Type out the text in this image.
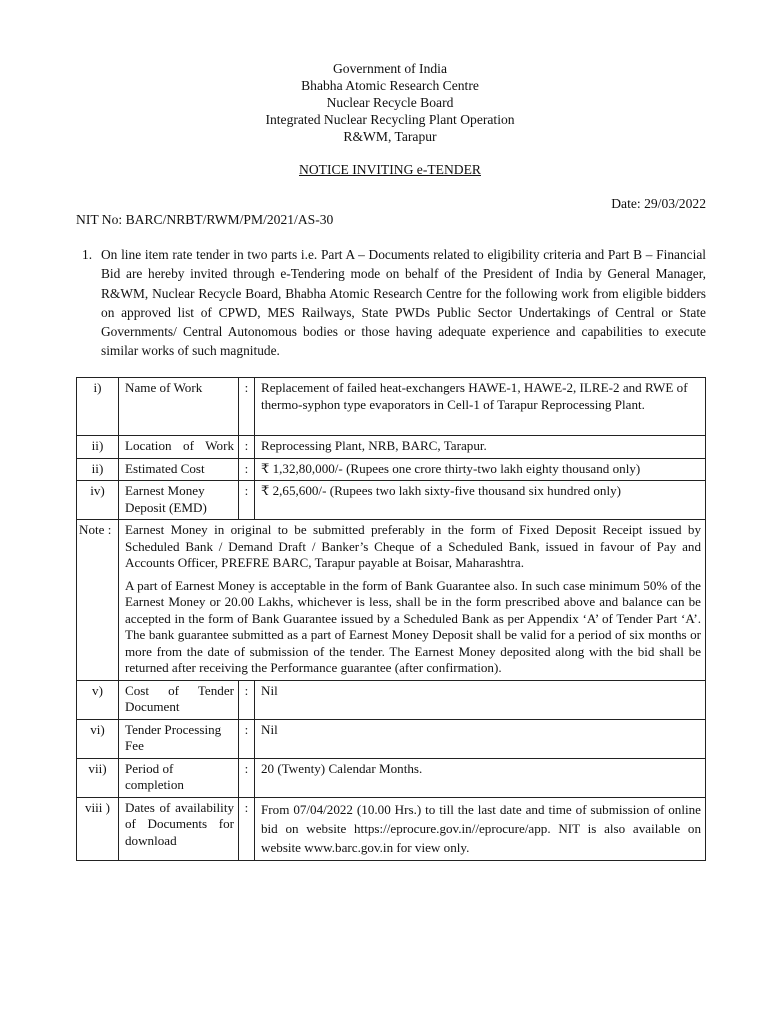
Government of India
Bhabha Atomic Research Centre
Nuclear Recycle Board
Integrated Nuclear Recycling Plant Operation
R&WM, Tarapur
NOTICE INVITING e-TENDER
Date: 29/03/2022
NIT No: BARC/NRBT/RWM/PM/2021/AS-30
1. On line item rate tender in two parts i.e. Part A – Documents related to eligibility criteria and Part B – Financial Bid are hereby invited through e-Tendering mode on behalf of the President of India by General Manager, R&WM, Nuclear Recycle Board, Bhabha Atomic Research Centre for the following work from eligible bidders on approved list of CPWD, MES Railways, State PWDs Public Sector Undertakings of Central or State Governments/ Central Autonomous bodies or those having adequate experience and capabilities to execute similar works of such magnitude.
i)	Name of Work	:	Replacement of failed heat-exchangers HAWE-1, HAWE-2, ILRE-2 and RWE of thermo-syphon type evaporators in Cell-1 of Tarapur Reprocessing Plant.
ii)	Location of Work	:	Reprocessing Plant, NRB, BARC, Tarapur.
ii)	Estimated Cost	:	₹ 1,32,80,000/- (Rupees one crore thirty-two lakh eighty thousand only)
iv)	Earnest Money Deposit (EMD)	:	₹ 2,65,600/- (Rupees two lakh sixty-five thousand six hundred only)
Note :	Earnest Money in original to be submitted preferably in the form of Fixed Deposit Receipt issued by Scheduled Bank / Demand Draft / Banker’s Cheque of a Scheduled Bank, issued in favour of Pay and Accounts Officer, PREFRE BARC, Tarapur payable at Boisar, Maharashtra.

A part of Earnest Money is acceptable in the form of Bank Guarantee also. In such case minimum 50% of the Earnest Money or 20.00 Lakhs, whichever is less, shall be in the form prescribed above and balance can be accepted in the form of Bank Guarantee issued by a Scheduled Bank as per Appendix ‘A’ of Tender Part ‘A’. The bank guarantee submitted as a part of Earnest Money Deposit shall be valid for a period of six months or more from the date of submission of the tender. The Earnest Money deposited along with the bid shall be returned after receiving the Performance guarantee (after confirmation).		

v)	Cost of Tender Document	:	Nil
vi)	Tender Processing Fee	:	Nil
vii)	Period of completion	:	20 (Twenty) Calendar Months.
viii )	Dates of availability of Documents for download	:	From 07/04/2022 (10.00 Hrs.) to till the last date and time of submission of online bid on website https://eprocure.gov.in//eprocure/app. NIT is also available on website www.barc.gov.in for view only.
